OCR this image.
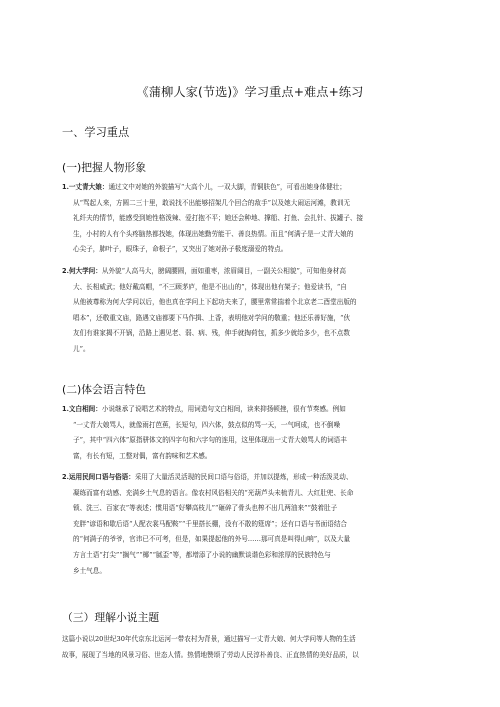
《蒲柳人家(节选)》学习重点+难点+练习
一、学习重点
(一)把握人物形象
1.一丈青大娘：通过文中对她的外貌描写“大高个儿，一双大脚，青铜肤色”，可看出她身体健壮；
从“骂起人来，方圆二三十里，敢说找不出能够招架几个回合的敌手”以及她大闹运河滩，教训无
礼纤夫的情节，能感受到她性格泼辣、爱打抱不平；她还会种地、撑船、打鱼、会扎针、拔罐子、接
生，小村的人有个头疼脑热都找她，体现出她勤劳能干、善良热情。而且“何满子是一丈青大娘的
心尖子，肺叶子，眼珠子，命根子”，又突出了她对孙子极度溺爱的特点。
2.何大学问：从外貌“人高马大，膀阔腰圆，面如重枣，浓眉阔目，一副关公相貌”，可知他身材高
大、长相威武；他好戴高帽，“不三顾茅庐，他是不出山的”，体现出他有架子；他爱读书，“自
从他被尊称为何大学问以后，他也真在学问上下起功夫来了，腰里常常揣着个北京老二酉堂出版的
唱本”，还敬重文庙，路遇文庙都要下马作揖、上香，表明他对学问的敬重；他还乐善好施，“伙
友们有谁家揭不开锅，沿路上遇见老、弱、病、残，伸手就掏荷包，抓多少就给多少，也不点数
儿”。
(二)体会语言特色
1.文白相间：小说继承了说唱艺术的特点，用词造句文白相间，读来抑扬顿挫，很有节奏感。例如
“一丈青大娘骂人，就像雨打芭蕉，长短句，四六体，鼓点似的骂一天，一气呵成，也不倒噪
子”，其中“四六体”原指骈体文的四字句和六字句的连用，这里体现出一丈青大娘骂人的词语丰
富，有长有短，工整对偶，富有韵味和艺术感。
2.运用民间口语与俗语：采用了大量活灵活现的民间口语与俗语，并加以提炼，形成一种活泼灵动、
凝练而富有动感、充满乡土气息的语言。像农村风俗相关的“光葫芦头未梳青儿、大红肚兜、长命
锁、洗三、百家衣”等表述；惯用语“好攀高枝儿”“砸碎了骨头也榨不出几两油来”“鼓着肚子
充胖”谚语和歇后语“人配衣裳马配鞍”“千里搭长棚，没有不散的筵席”；还有口语与书面语结合
的“何满子的爷爷，官讳已不可考，但是，如果提起他的外号……那可真是叫得山响”，以及大量
方言土语“打尖”“搁气”“椰”“腻歪”等，都增添了小说的幽默谈谐色彩和浓厚的民族特色与
乡土气息。
（三）理解小说主题
这篇小说以20世纪30年代京东北运河一带农村为背景，通过描写一丈青大娘、何大学问等人物的生活
故事，展现了当地的风景习俗、世态人情。热情地赞颂了劳动人民淳朴善良、正直热情的美好品质，以
